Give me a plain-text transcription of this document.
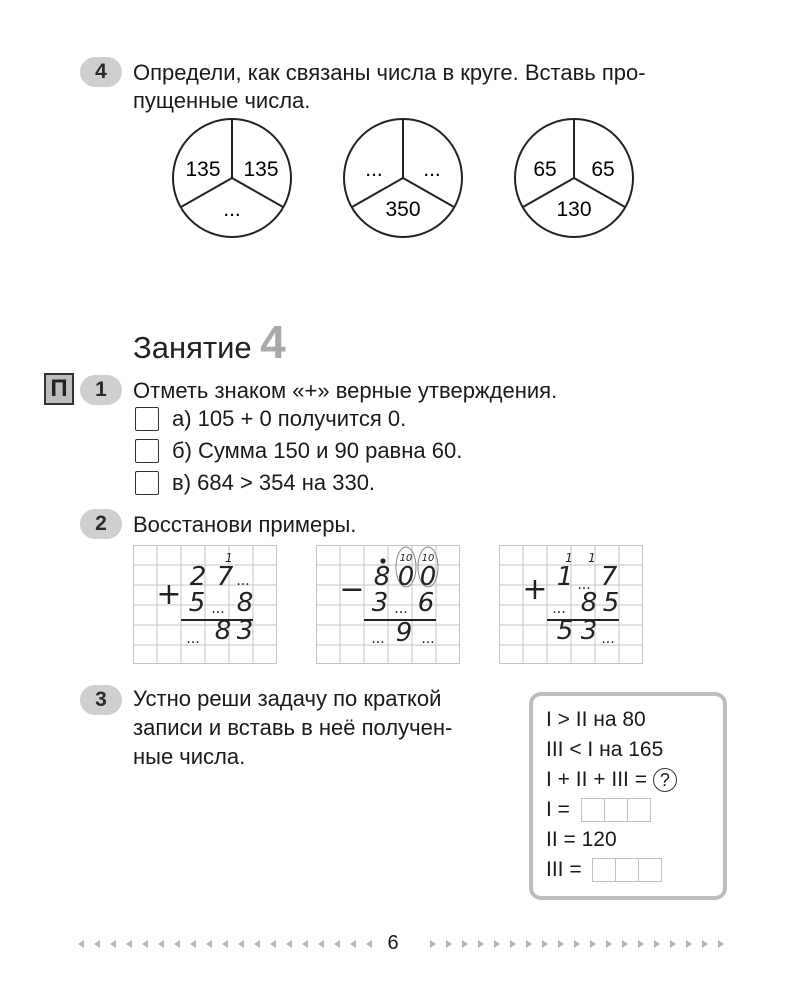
4	Определи, как связаны числа в круге. Вставь про-
пущенные числа.
135 135
...
... ...
350
65 65
130
Занятие 4
П	1	Отметь знаком «+» верные утверждения.
а) 105 + 0 получится 0.
б) Сумма 150 и 90 равна 60.
в) 684 > 354 на 330.
2	Восстанови примеры.
+
1
2 7 ...
5 ... 8
... 8 3
−
10 10
8 0 0
3 ... 6
... 9 ...
+
1 1
1 ... 7
... 8 5
5 3 ...
3	Устно реши задачу по краткой
записи и вставь в неё получен-
ные числа.
I > II на 80
III < I на 165
I + II + III = ?
I =
II = 120
III =
6
